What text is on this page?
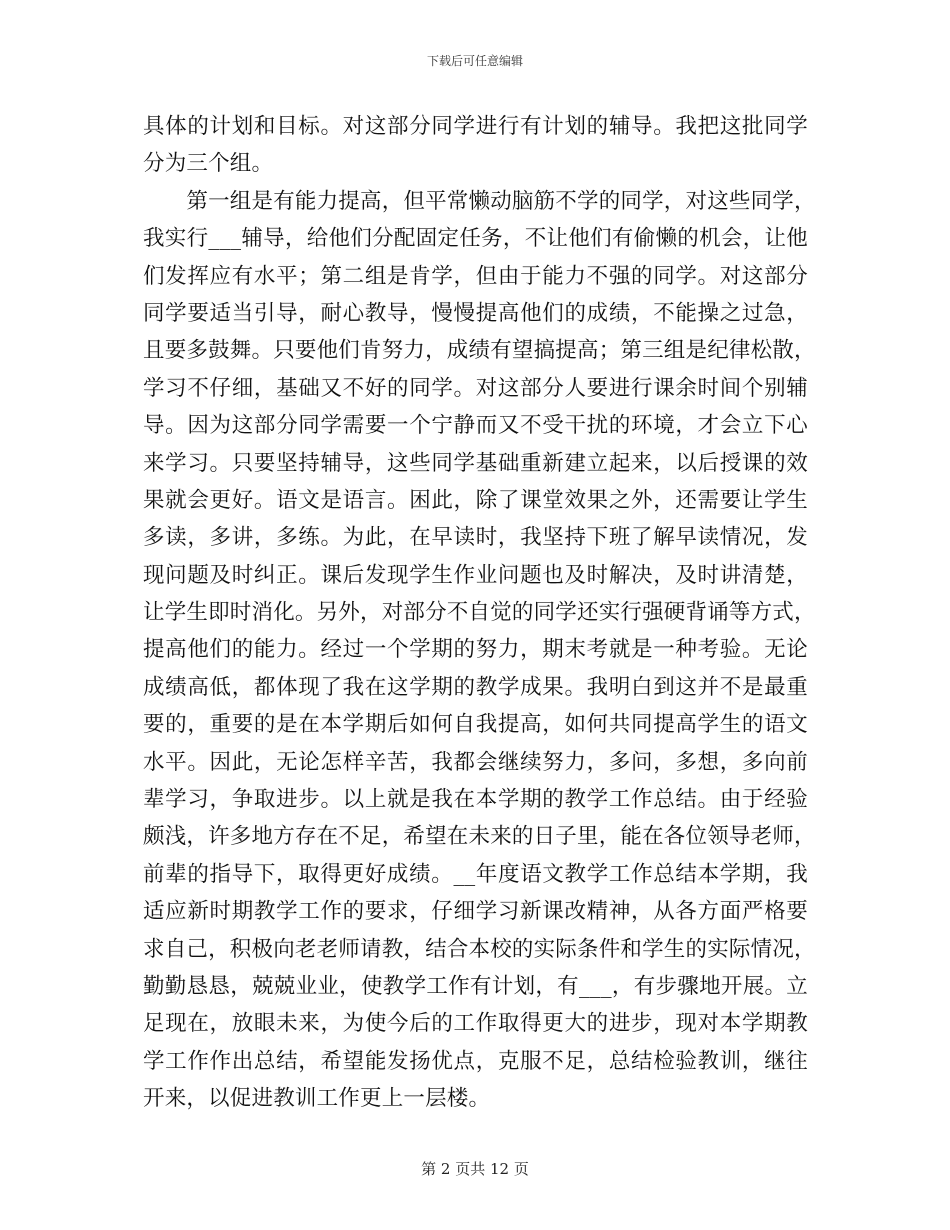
下载后可任意编辑
具体的计划和目标。对这部分同学进行有计划的辅导。我把这批同学
分为三个组。
　　第一组是有能力提高，但平常懒动脑筋不学的同学，对这些同学，
我实行___辅导，给他们分配固定任务，不让他们有偷懒的机会，让他
们发挥应有水平；第二组是肯学，但由于能力不强的同学。对这部分
同学要适当引导，耐心教导，慢慢提高他们的成绩，不能操之过急，
且要多鼓舞。只要他们肯努力，成绩有望搞提高；第三组是纪律松散，
学习不仔细，基础又不好的同学。对这部分人要进行课余时间个别辅
导。因为这部分同学需要一个宁静而又不受干扰的环境，才会立下心
来学习。只要坚持辅导，这些同学基础重新建立起来，以后授课的效
果就会更好。语文是语言。困此，除了课堂效果之外，还需要让学生
多读，多讲，多练。为此，在早读时，我坚持下班了解早读情况，发
现问题及时纠正。课后发现学生作业问题也及时解决，及时讲清楚，
让学生即时消化。另外，对部分不自觉的同学还实行强硬背诵等方式，
提高他们的能力。经过一个学期的努力，期末考就是一种考验。无论
成绩高低，都体现了我在这学期的教学成果。我明白到这并不是最重
要的，重要的是在本学期后如何自我提高，如何共同提高学生的语文
水平。因此，无论怎样辛苦，我都会继续努力，多问，多想，多向前
辈学习，争取进步。以上就是我在本学期的教学工作总结。由于经验
颇浅，许多地方存在不足，希望在未来的日子里，能在各位领导老师，
前辈的指导下，取得更好成绩。__年度语文教学工作总结本学期，我
适应新时期教学工作的要求，仔细学习新课改精神，从各方面严格要
求自己，积极向老老师请教，结合本校的实际条件和学生的实际情况，
勤勤恳恳，兢兢业业，使教学工作有计划，有___，有步骤地开展。立
足现在，放眼未来，为使今后的工作取得更大的进步，现对本学期教
学工作作出总结，希望能发扬优点，克服不足，总结检验教训，继往
开来，以促进教训工作更上一层楼。
第 2 页共 12 页
